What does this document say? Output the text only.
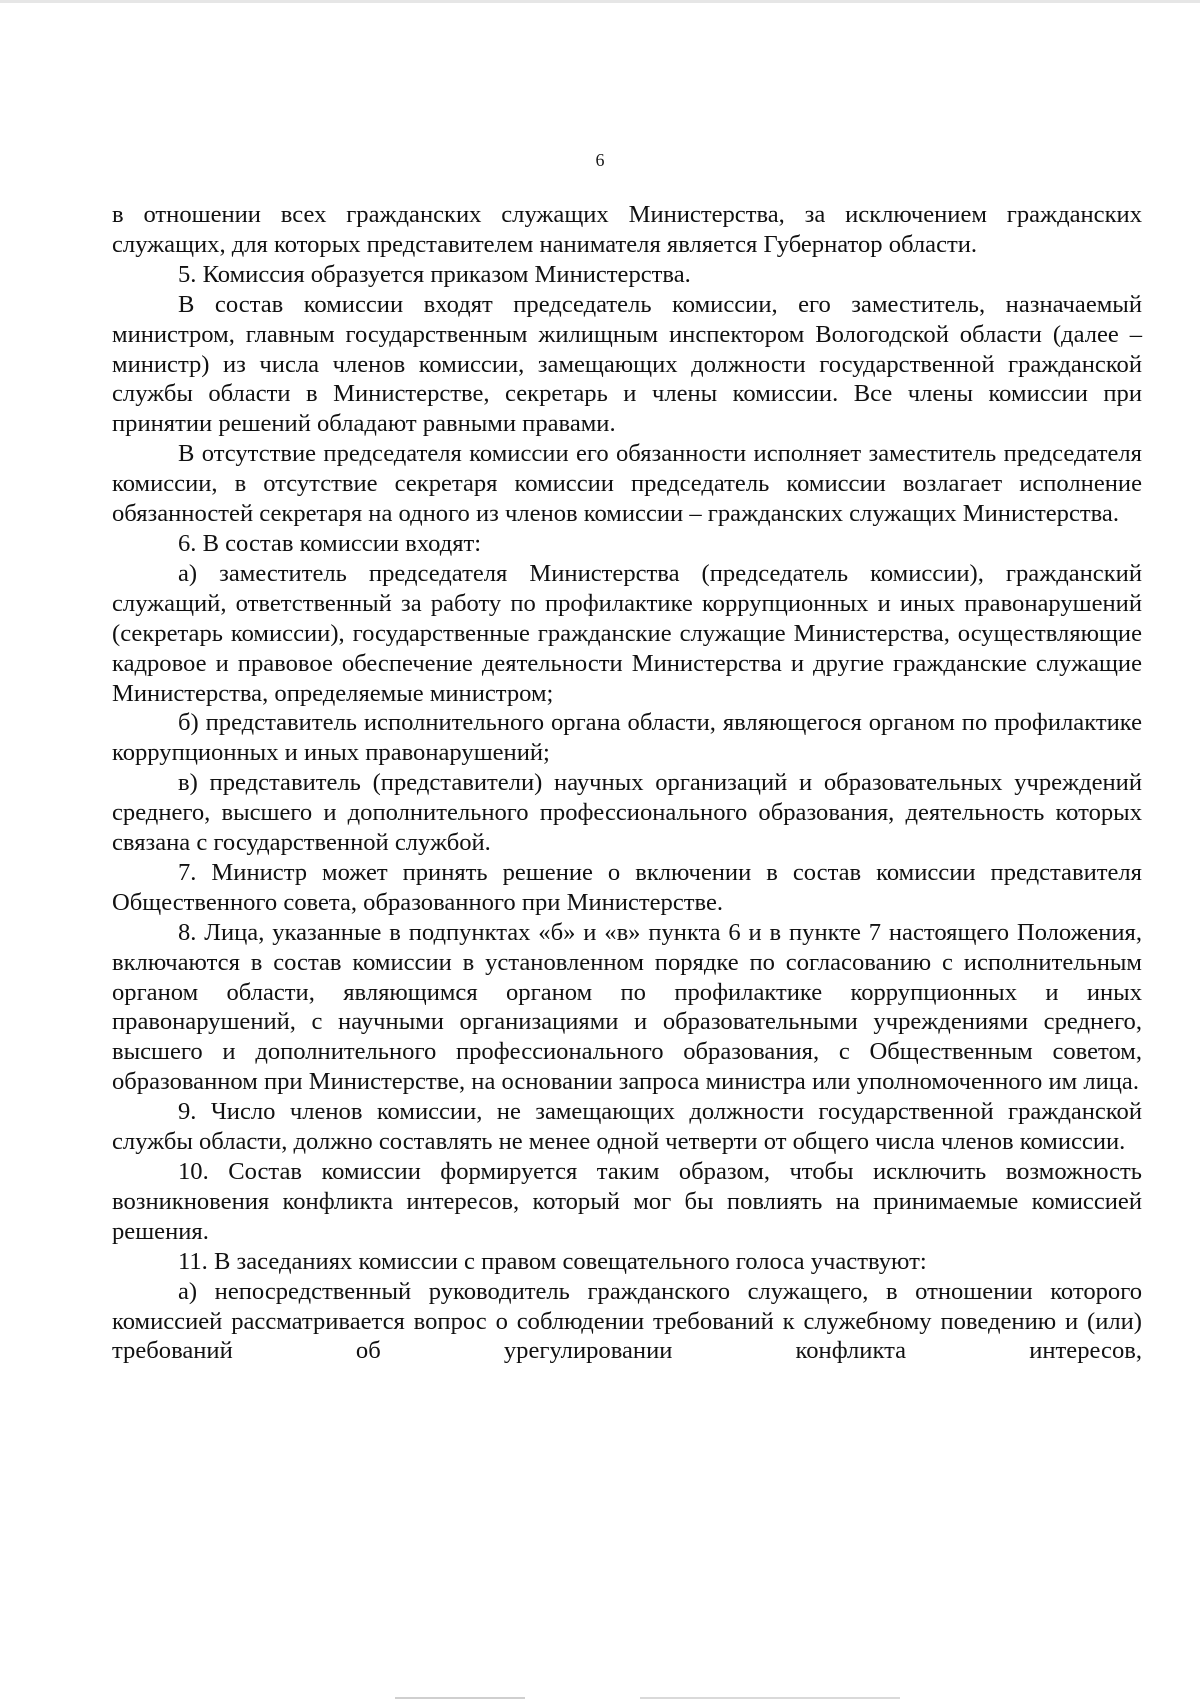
6

в отношении всех гражданских служащих Министерства, за исключением гражданских служащих, для которых представителем нанимателя является Губернатор области.

5. Комиссия образуется приказом Министерства.

В состав комиссии входят председатель комиссии, его заместитель, назначаемый министром, главным государственным жилищным инспектором Вологодской области (далее – министр) из числа членов комиссии, замещающих должности государственной гражданской службы области в Министерстве, секретарь и члены комиссии. Все члены комиссии при принятии решений обладают равными правами.

В отсутствие председателя комиссии его обязанности исполняет заместитель председателя комиссии, в отсутствие секретаря комиссии председатель комиссии возлагает исполнение обязанностей секретаря на одного из членов комиссии – гражданских служащих Министерства.

6. В состав комиссии входят:

а) заместитель председателя Министерства (председатель комиссии), гражданский служащий, ответственный за работу по профилактике коррупционных и иных правонарушений (секретарь комиссии), государственные гражданские служащие Министерства, осуществляющие кадровое и правовое обеспечение деятельности Министерства и другие гражданские служащие Министерства, определяемые министром;

б) представитель исполнительного органа области, являющегося органом по профилактике коррупционных и иных правонарушений;

в) представитель (представители) научных организаций и образовательных учреждений среднего, высшего и дополнительного профессионального образования, деятельность которых связана с государственной службой.

7. Министр может принять решение о включении в состав комиссии представителя Общественного совета, образованного при Министерстве.

8. Лица, указанные в подпунктах «б» и «в» пункта 6 и в пункте 7 настоящего Положения, включаются в состав комиссии в установленном порядке по согласованию с исполнительным органом области, являющимся органом по профилактике коррупционных и иных правонарушений, с научными организациями и образовательными учреждениями среднего, высшего и дополнительного профессионального образования, с Общественным советом, образованном при Министерстве, на основании запроса министра или уполномоченного им лица.

9. Число членов комиссии, не замещающих должности государственной гражданской службы области, должно составлять не менее одной четверти от общего числа членов комиссии.

10. Состав комиссии формируется таким образом, чтобы исключить возможность возникновения конфликта интересов, который мог бы повлиять на принимаемые комиссией решения.

11. В заседаниях комиссии с правом совещательного голоса участвуют:

а) непосредственный руководитель гражданского служащего, в отношении которого комиссией рассматривается вопрос о соблюдении требований к служебному поведению и (или) требований об урегулировании конфликта интересов,
